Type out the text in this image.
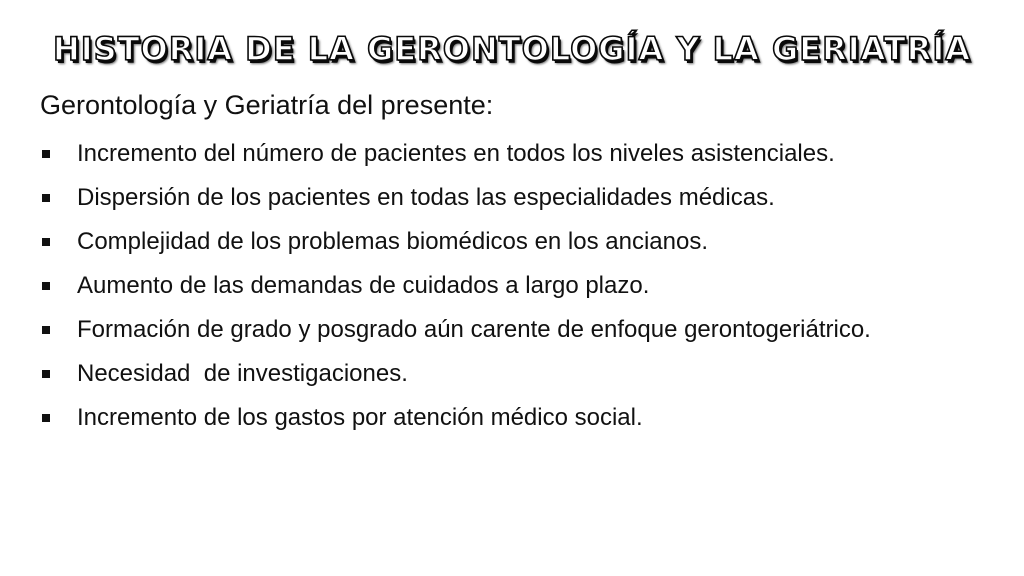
HISTORIA DE LA GERONTOLOGÍA Y LA GERIATRÍA
Gerontología y Geriatría del presente:
Incremento del número de pacientes en todos los niveles asistenciales.
Dispersión de los pacientes en todas las especialidades médicas.
Complejidad de los problemas biomédicos en los ancianos.
Aumento de las demandas de cuidados a largo plazo.
Formación de grado y posgrado aún carente de enfoque gerontogeriátrico.
Necesidad  de investigaciones.
Incremento de los gastos por atención médico social.
